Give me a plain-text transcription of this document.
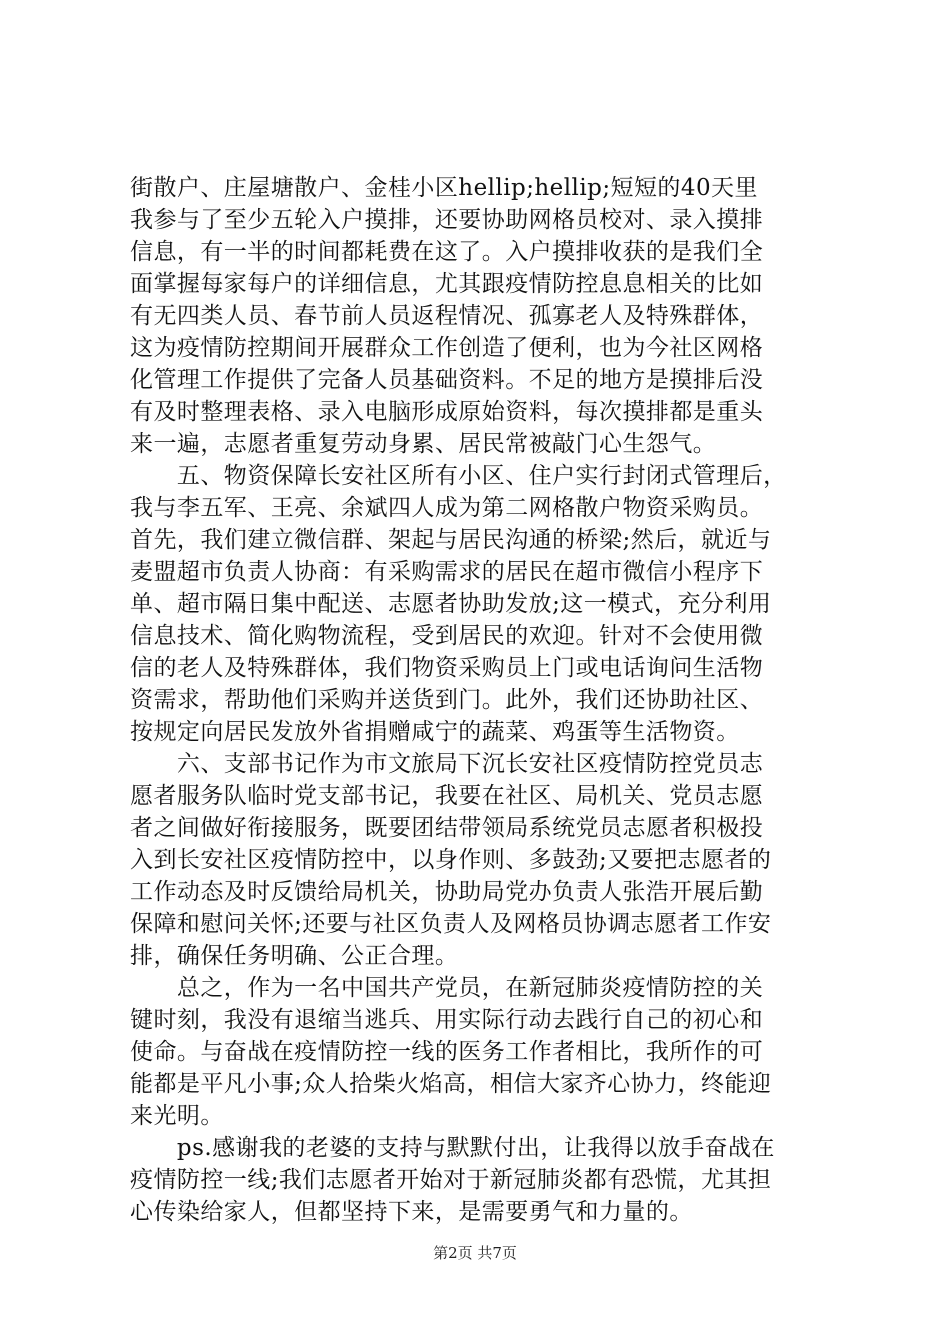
街散户、庄屋塘散户、金桂小区hellip;hellip;短短的40天里
我参与了至少五轮入户摸排，还要协助网格员校对、录入摸排
信息，有一半的时间都耗费在这了。入户摸排收获的是我们全
面掌握每家每户的详细信息，尤其跟疫情防控息息相关的比如
有无四类人员、春节前人员返程情况、孤寡老人及特殊群体，
这为疫情防控期间开展群众工作创造了便利，也为今社区网格
化管理工作提供了完备人员基础资料。不足的地方是摸排后没
有及时整理表格、录入电脑形成原始资料，每次摸排都是重头
来一遍，志愿者重复劳动身累、居民常被敲门心生怨气。
　　五、物资保障长安社区所有小区、住户实行封闭式管理后，
我与李五军、王亮、余斌四人成为第二网格散户物资采购员。
首先，我们建立微信群、架起与居民沟通的桥梁;然后，就近与
麦盟超市负责人协商：有采购需求的居民在超市微信小程序下
单、超市隔日集中配送、志愿者协助发放;这一模式，充分利用
信息技术、简化购物流程，受到居民的欢迎。针对不会使用微
信的老人及特殊群体，我们物资采购员上门或电话询问生活物
资需求，帮助他们采购并送货到门。此外，我们还协助社区、
按规定向居民发放外省捐赠咸宁的蔬菜、鸡蛋等生活物资。
　　六、支部书记作为市文旅局下沉长安社区疫情防控党员志
愿者服务队临时党支部书记，我要在社区、局机关、党员志愿
者之间做好衔接服务，既要团结带领局系统党员志愿者积极投
入到长安社区疫情防控中，以身作则、多鼓劲;又要把志愿者的
工作动态及时反馈给局机关，协助局党办负责人张浩开展后勤
保障和慰问关怀;还要与社区负责人及网格员协调志愿者工作安
排，确保任务明确、公正合理。
　　总之，作为一名中国共产党员，在新冠肺炎疫情防控的关
键时刻，我没有退缩当逃兵、用实际行动去践行自己的初心和
使命。与奋战在疫情防控一线的医务工作者相比，我所作的可
能都是平凡小事;众人拾柴火焰高，相信大家齐心协力，终能迎
来光明。
　　ps.感谢我的老婆的支持与默默付出，让我得以放手奋战在
疫情防控一线;我们志愿者开始对于新冠肺炎都有恐慌，尤其担
心传染给家人，但都坚持下来，是需要勇气和力量的。
第2页 共7页
